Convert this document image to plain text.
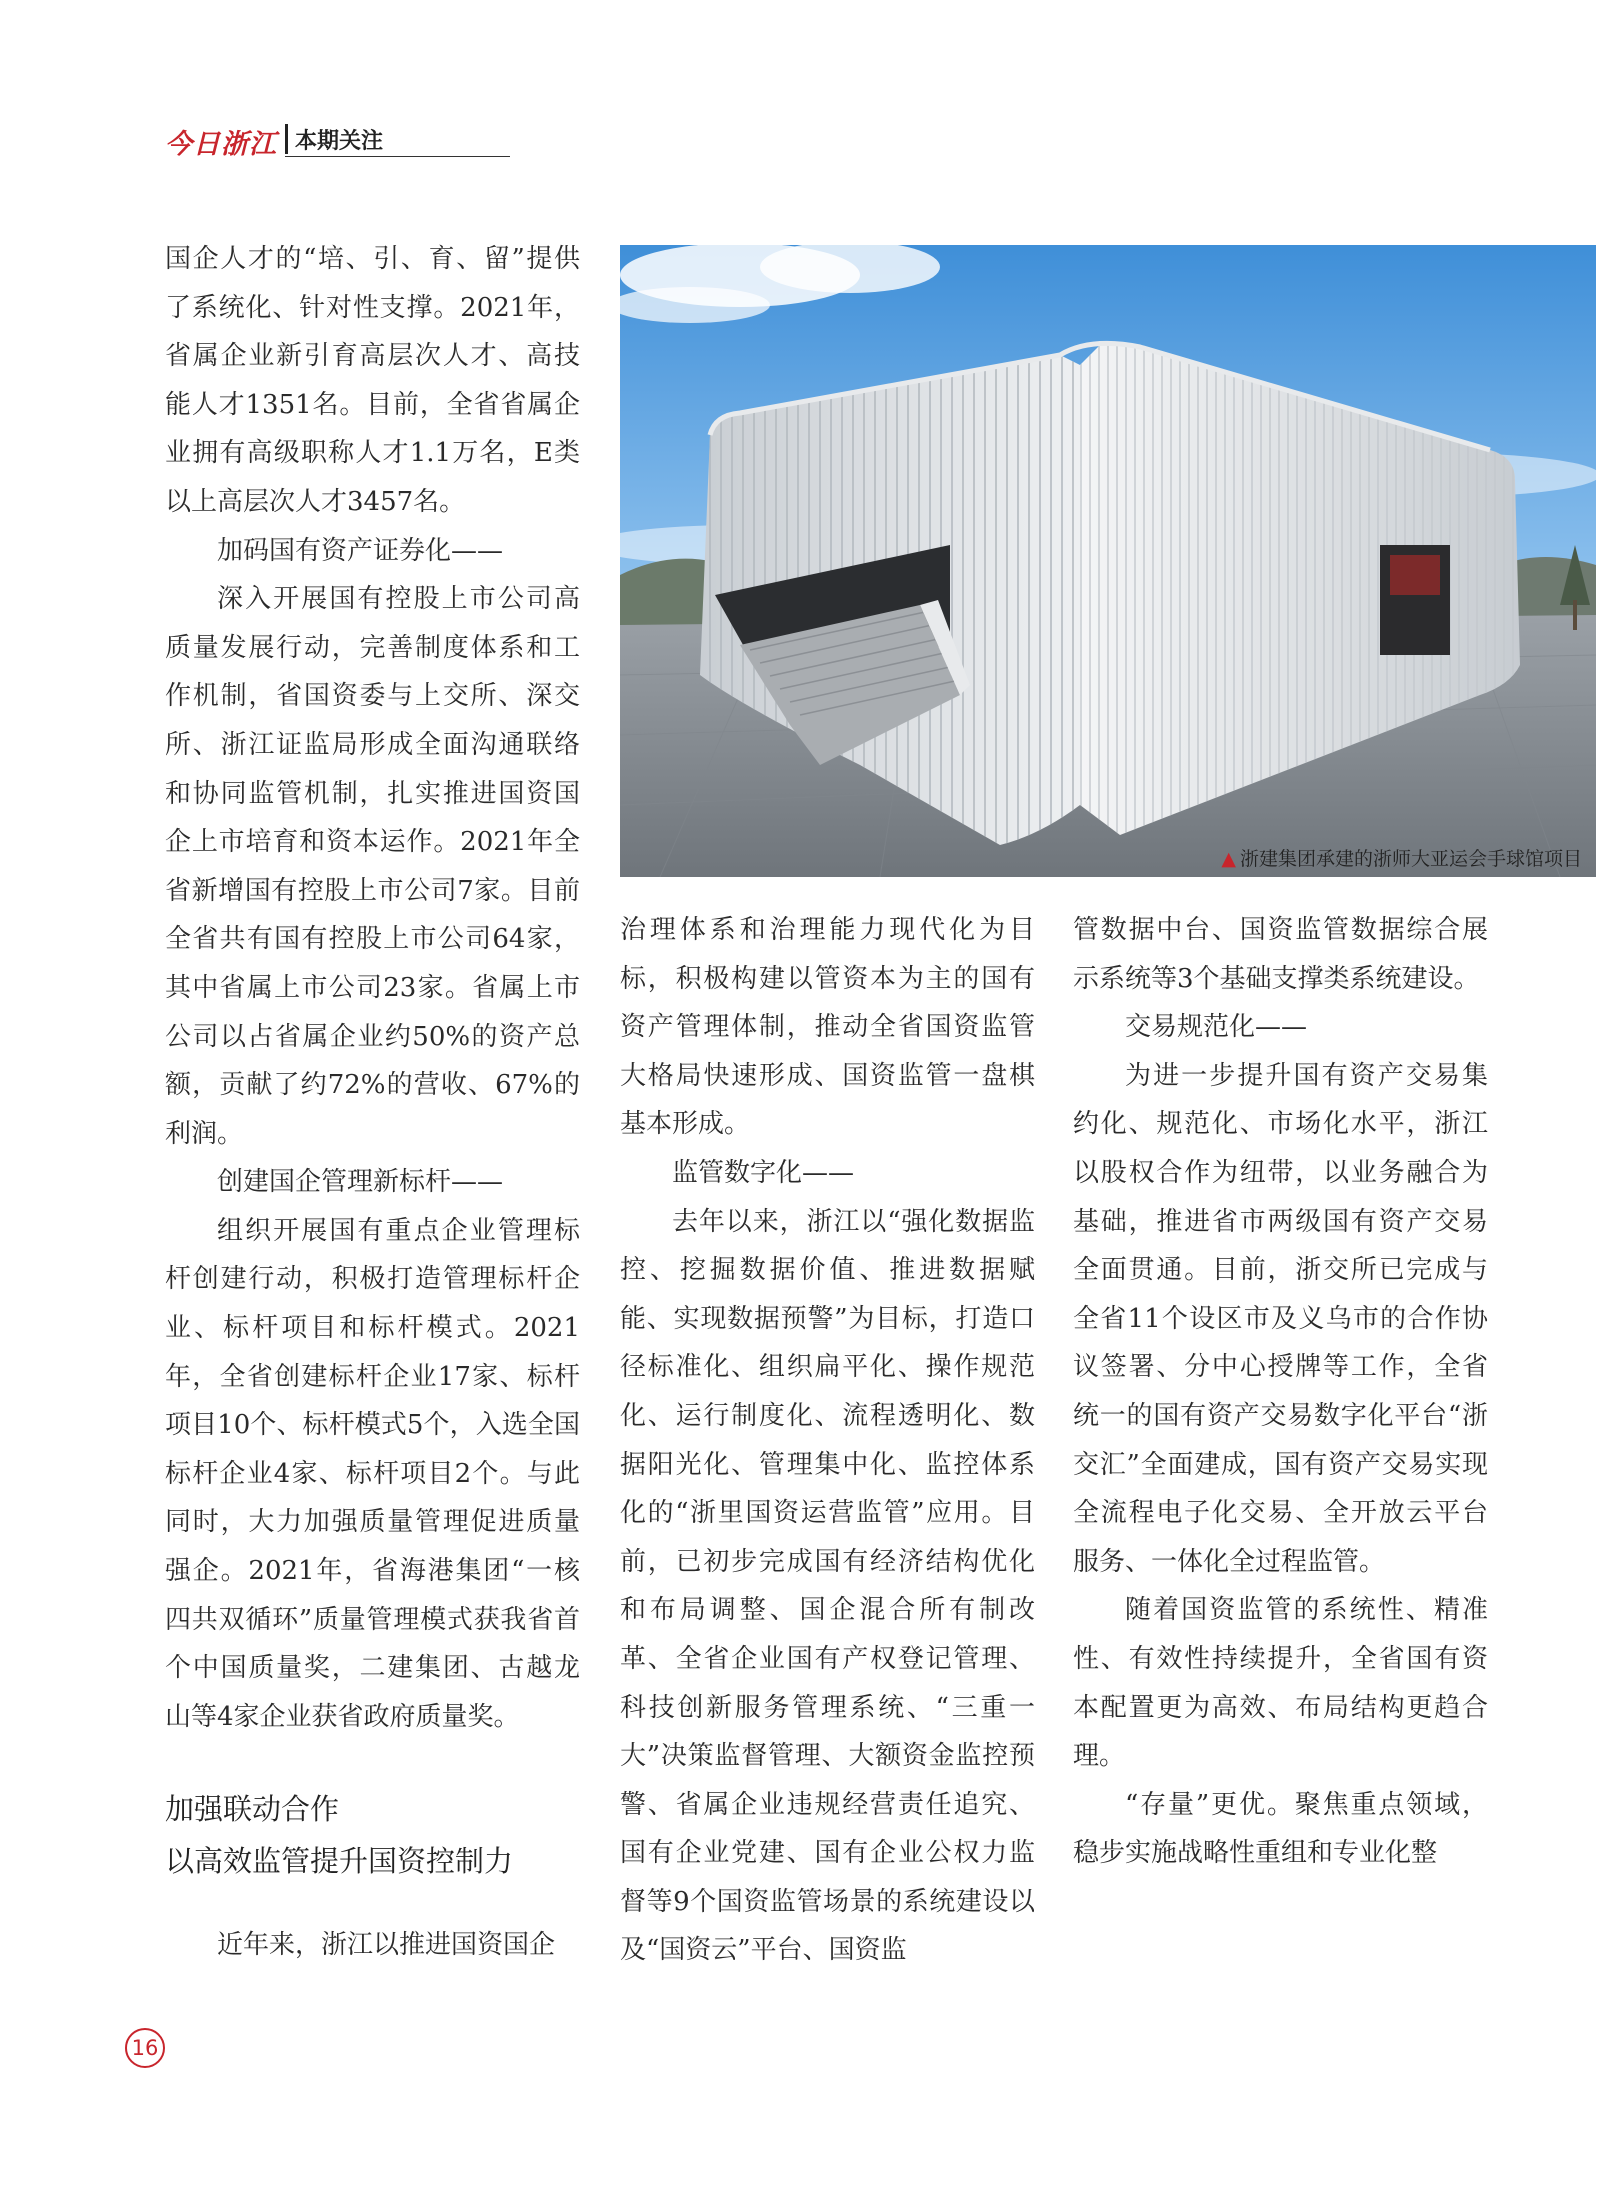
今日浙江 本期关注

国企人才的“培、引、育、留”提供了系统化、针对性支撑。2021年，省属企业新引育高层次人才、高技能人才1351名。目前，全省省属企业拥有高级职称人才1.1万名，E类以上高层次人才3457名。

加码国有资产证券化——

深入开展国有控股上市公司高质量发展行动，完善制度体系和工作机制，省国资委与上交所、深交所、浙江证监局形成全面沟通联络和协同监管机制，扎实推进国资国企上市培育和资本运作。2021年全省新增国有控股上市公司7家。目前全省共有国有控股上市公司64家，其中省属上市公司23家。省属上市公司以占省属企业约50%的资产总额，贡献了约72%的营收、67%的利润。

创建国企管理新标杆——

组织开展国有重点企业管理标杆创建行动，积极打造管理标杆企业、标杆项目和标杆模式。2021年，全省创建标杆企业17家、标杆项目10个、标杆模式5个，入选全国标杆企业4家、标杆项目2个。与此同时，大力加强质量管理促进质量强企。2021年，省海港集团“一核四共双循环”质量管理模式获我省首个中国质量奖，二建集团、古越龙山等4家企业获省政府质量奖。

加强联动合作
以高效监管提升国资控制力

近年来，浙江以推进国资国企

▲ 浙建集团承建的浙师大亚运会手球馆项目

治理体系和治理能力现代化为目标，积极构建以管资本为主的国有资产管理体制，推动全省国资监管大格局快速形成、国资监管一盘棋基本形成。

监管数字化——

去年以来，浙江以“强化数据监控、挖掘数据价值、推进数据赋能、实现数据预警”为目标，打造口径标准化、组织扁平化、操作规范化、运行制度化、流程透明化、数据阳光化、管理集中化、监控体系化的“浙里国资运营监管”应用。目前，已初步完成国有经济结构优化和布局调整、国企混合所有制改革、全省企业国有产权登记管理、科技创新服务管理系统、“三重一大”决策监督管理、大额资金监控预警、省属企业违规经营责任追究、国有企业党建、国有企业公权力监督等9个国资监管场景的系统建设以及“国资云”平台、国资监

管数据中台、国资监管数据综合展示系统等3个基础支撑类系统建设。

交易规范化——

为进一步提升国有资产交易集约化、规范化、市场化水平，浙江以股权合作为纽带，以业务融合为基础，推进省市两级国有资产交易全面贯通。目前，浙交所已完成与全省11个设区市及义乌市的合作协议签署、分中心授牌等工作，全省统一的国有资产交易数字化平台“浙交汇”全面建成，国有资产交易实现全流程电子化交易、全开放云平台服务、一体化全过程监管。

随着国资监管的系统性、精准性、有效性持续提升，全省国有资本配置更为高效、布局结构更趋合理。

“存量”更优。聚焦重点领域，稳步实施战略性重组和专业化整

16
